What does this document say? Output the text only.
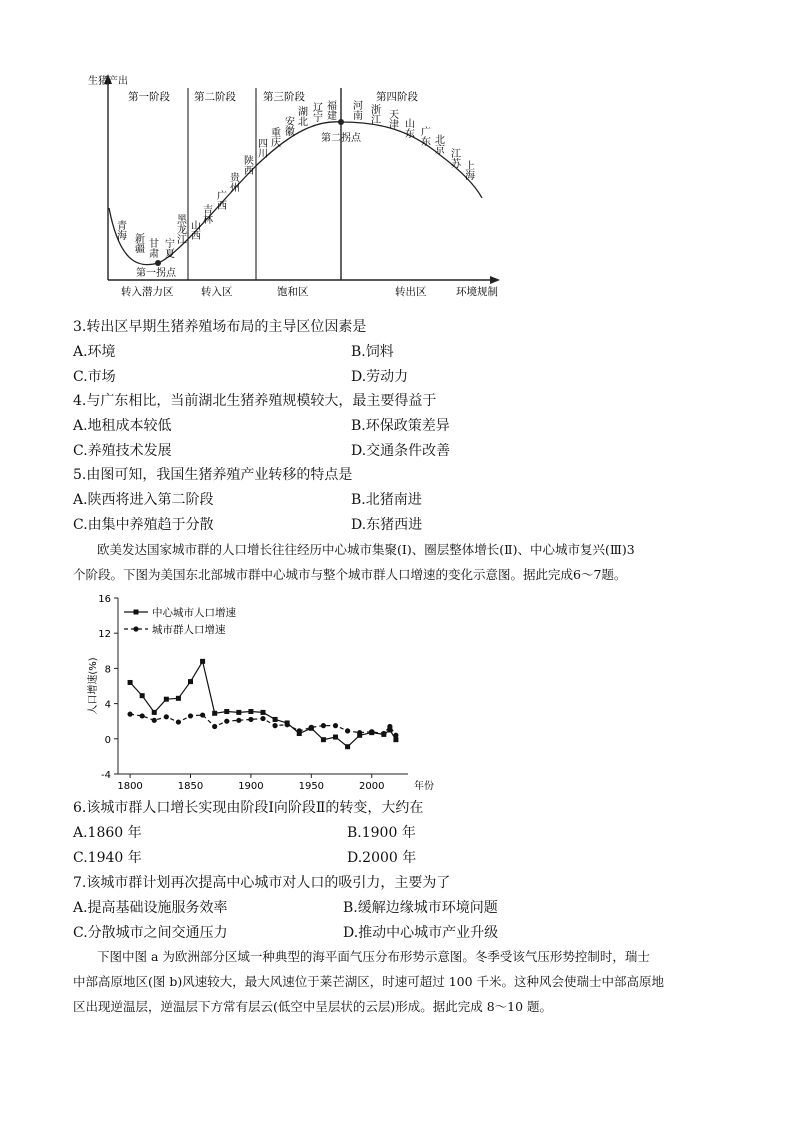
生猪产出
第一阶段 第二阶段	第三阶段	第四阶段
第一拐点
第二拐点
青海
新疆 甘肃 宁夏
黑龙江 山西
吉林
广西
贵州
陕西
四川
重庆
安徽 湖北 辽宁 福建 河南 浙江 天津 山东 广东 北京
江苏
上海
转入潜力区	转入区	饱和区	转出区	环境规制
3.转出区早期生猪养殖场布局的主导区位因素是
A.环境	B.饲料
C.市场	D.劳动力
4.与广东相比，当前湖北生猪养殖规模较大，最主要得益于
A.地租成本较低	B.环保政策差异
C.养殖技术发展	D.交通条件改善
5.由图可知，我国生猪养殖产业转移的特点是
A.陕西将进入第二阶段	B.北猪南进
C.由集中养殖趋于分散	D.东猪西进
欧美发达国家城市群的人口增长往往经历中心城市集聚(Ⅰ)、圈层整体增长(Ⅱ)、中心城市复兴(Ⅲ)3
个阶段。下图为美国东北部城市群中心城市与整个城市群人口增速的变化示意图。据此完成6～7题。
-4
0
4
8
12
16
1800	1850	1900	1950	2000	年份
人口增速(%)
中心城市人口增速
城市群人口增速
6.该城市群人口增长实现由阶段Ⅰ向阶段Ⅱ的转变，大约在
A.1860 年	B.1900 年
C.1940 年	D.2000 年
7.该城市群计划再次提高中心城市对人口的吸引力，主要为了
A.提高基础设施服务效率	B.缓解边缘城市环境问题
C.分散城市之间交通压力	D.推动中心城市产业升级
下图中图 a 为欧洲部分区域一种典型的海平面气压分布形势示意图。冬季受该气压形势控制时，瑞士
中部高原地区(图 b)风速较大，最大风速位于莱芒湖区，时速可超过 100 千米。这种风会使瑞士中部高原地
区出现逆温层，逆温层下方常有层云(低空中呈层状的云层)形成。据此完成 8～10 题。
